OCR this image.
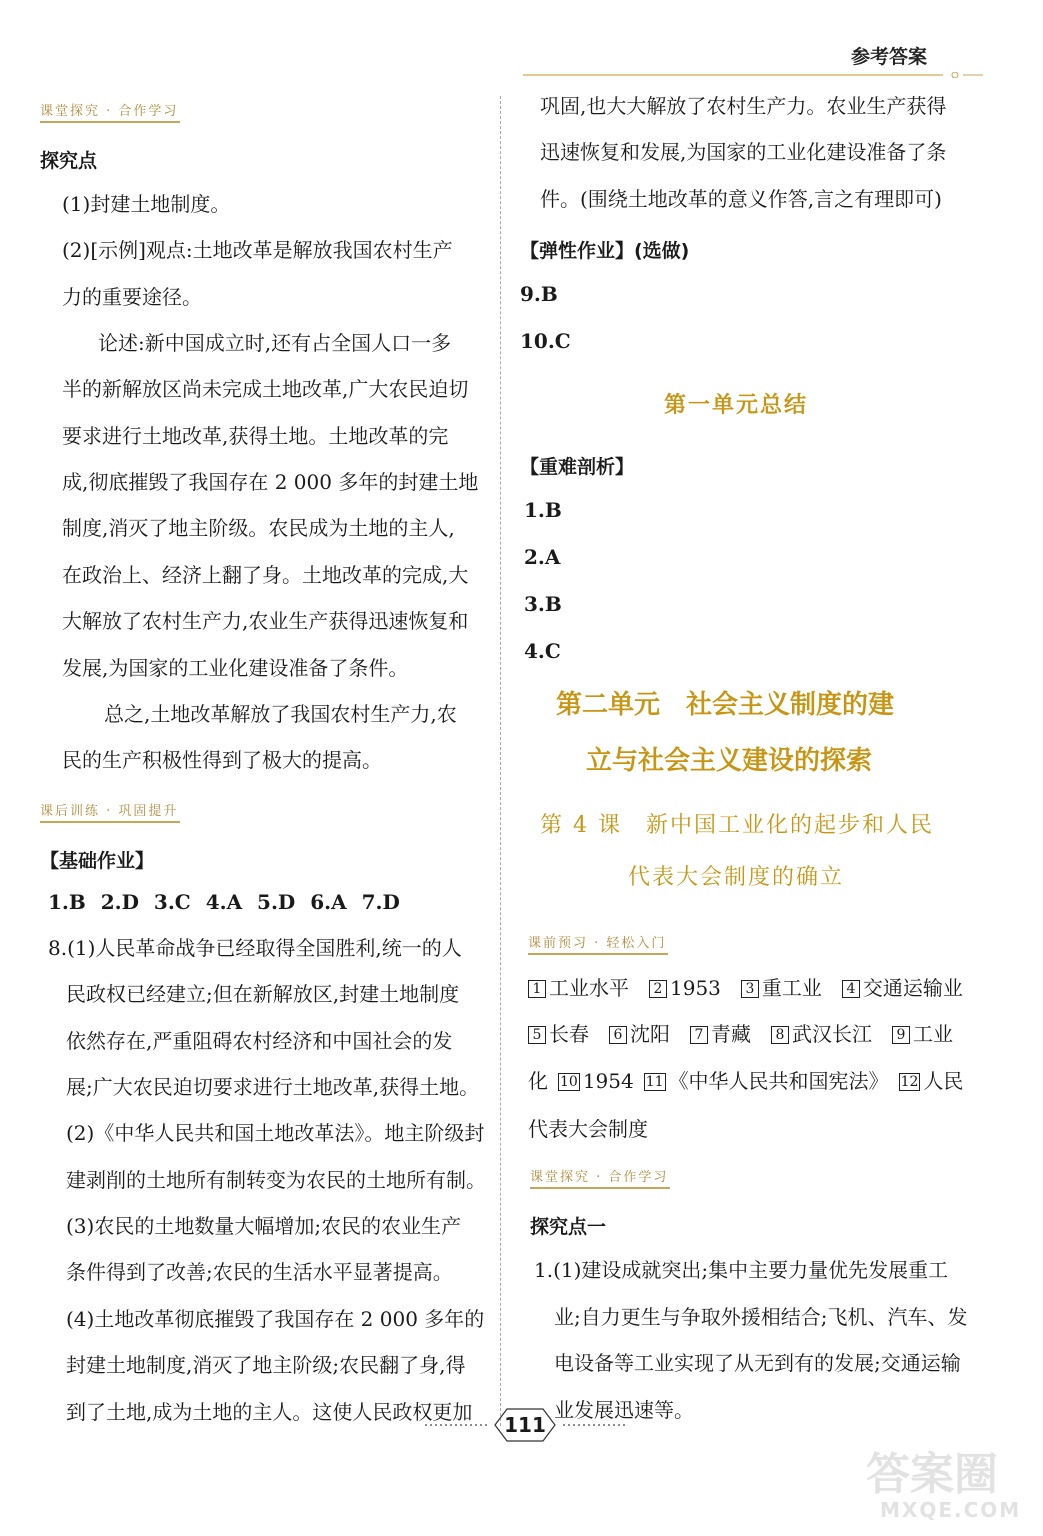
参考答案
课堂探究 · 合作学习
探究点
(1)封建土地制度。
(2)[示例]观点:土地改革是解放我国农村生产
力的重要途径。
论述:新中国成立时,还有占全国人口一多
半的新解放区尚未完成土地改革,广大农民迫切
要求进行土地改革,获得土地。土地改革的完
成,彻底摧毁了我国存在 2 000 多年的封建土地
制度,消灭了地主阶级。农民成为土地的主人,
在政治上、经济上翻了身。土地改革的完成,大
大解放了农村生产力,农业生产获得迅速恢复和
发展,为国家的工业化建设准备了条件。
总之,土地改革解放了我国农村生产力,农
民的生产积极性得到了极大的提高。
课后训练 · 巩固提升
【基础作业】
1.B 2.D 3.C 4.A 5.D 6.A 7.D
8.(1)人民革命战争已经取得全国胜利,统一的人
民政权已经建立;但在新解放区,封建土地制度
依然存在,严重阻碍农村经济和中国社会的发
展;广大农民迫切要求进行土地改革,获得土地。
(2)《中华人民共和国土地改革法》。地主阶级封
建剥削的土地所有制转变为农民的土地所有制。
(3)农民的土地数量大幅增加;农民的农业生产
条件得到了改善;农民的生活水平显著提高。
(4)土地改革彻底摧毁了我国存在 2 000 多年的
封建土地制度,消灭了地主阶级;农民翻了身,得
到了土地,成为土地的主人。这使人民政权更加
巩固,也大大解放了农村生产力。农业生产获得
迅速恢复和发展,为国家的工业化建设准备了条
件。(围绕土地改革的意义作答,言之有理即可)
【弹性作业】(选做)
9.B
10.C
第一单元总结
【重难剖析】
1.B
2.A
3.B
4.C
第二单元　社会主义制度的建
立与社会主义建设的探索
第 4 课　新中国工业化的起步和人民
代表大会制度的确立
课前预习 · 轻松入门
1 工业水平　 2 1953　 3 重工业　 4 交通运输业
5 长春　 6 沈阳　 7 青藏　 8 武汉长江　 9 工业
化  10 1954  11 《中华人民共和国宪法》  12 人民
代表大会制度
课堂探究 · 合作学习
探究点一
1.(1)建设成就突出;集中主要力量优先发展重工
业;自力更生与争取外援相结合;飞机、汽车、发
电设备等工业实现了从无到有的发展;交通运输
业发展迅速等。
111
答案圈
MXQE.COM
